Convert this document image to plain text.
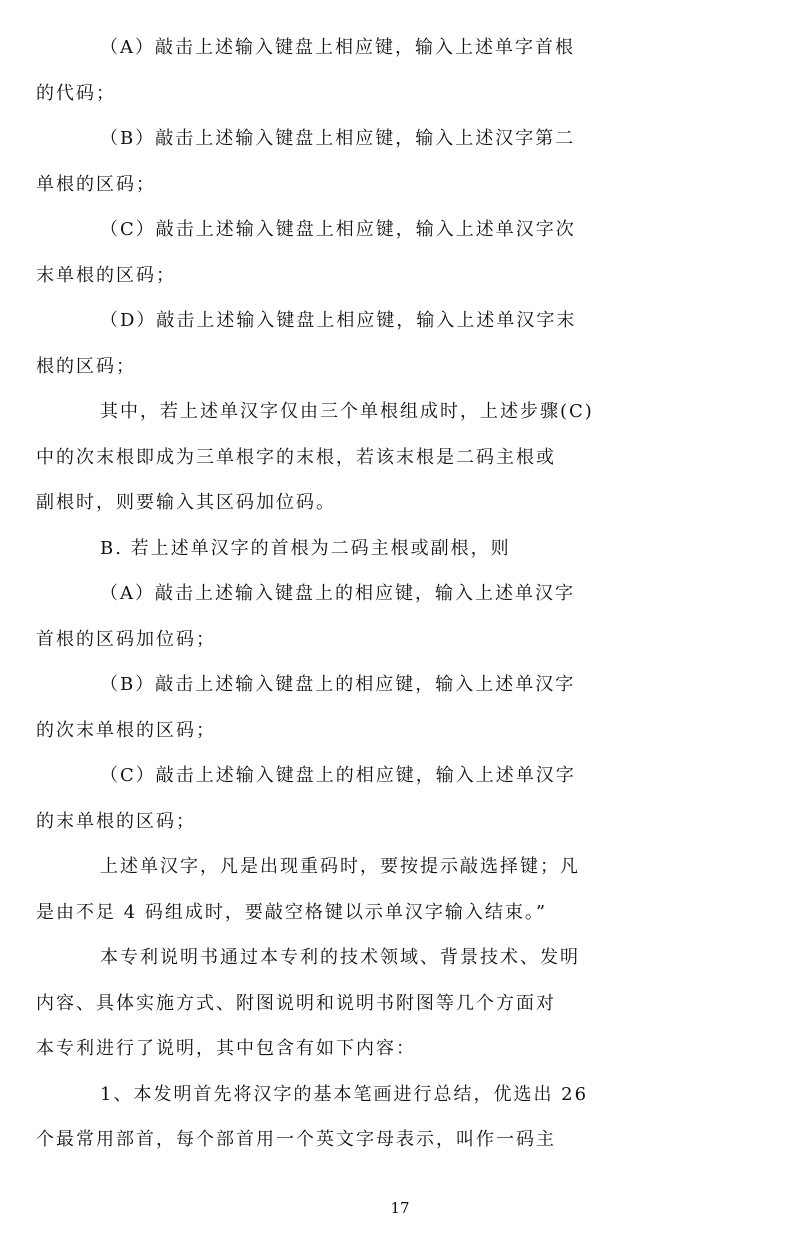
（A）敲击上述输入键盘上相应键，输入上述单字首根
的代码；
（B）敲击上述输入键盘上相应键，输入上述汉字第二
单根的区码；
（C）敲击上述输入键盘上相应键，输入上述单汉字次
末单根的区码；
（D）敲击上述输入键盘上相应键，输入上述单汉字末
根的区码；
其中，若上述单汉字仅由三个单根组成时，上述步骤(C)
中的次末根即成为三单根字的末根，若该末根是二码主根或
副根时，则要输入其区码加位码。
B. 若上述单汉字的首根为二码主根或副根，则
（A）敲击上述输入键盘上的相应键，输入上述单汉字
首根的区码加位码；
（B）敲击上述输入键盘上的相应键，输入上述单汉字
的次末单根的区码；
（C）敲击上述输入键盘上的相应键，输入上述单汉字
的末单根的区码；
上述单汉字，凡是出现重码时，要按提示敲选择键；凡
是由不足 4 码组成时，要敲空格键以示单汉字输入结束。”
本专利说明书通过本专利的技术领域、背景技术、发明
内容、具体实施方式、附图说明和说明书附图等几个方面对
本专利进行了说明，其中包含有如下内容：
1、本发明首先将汉字的基本笔画进行总结，优选出 26
个最常用部首，每个部首用一个英文字母表示，叫作一码主
17
